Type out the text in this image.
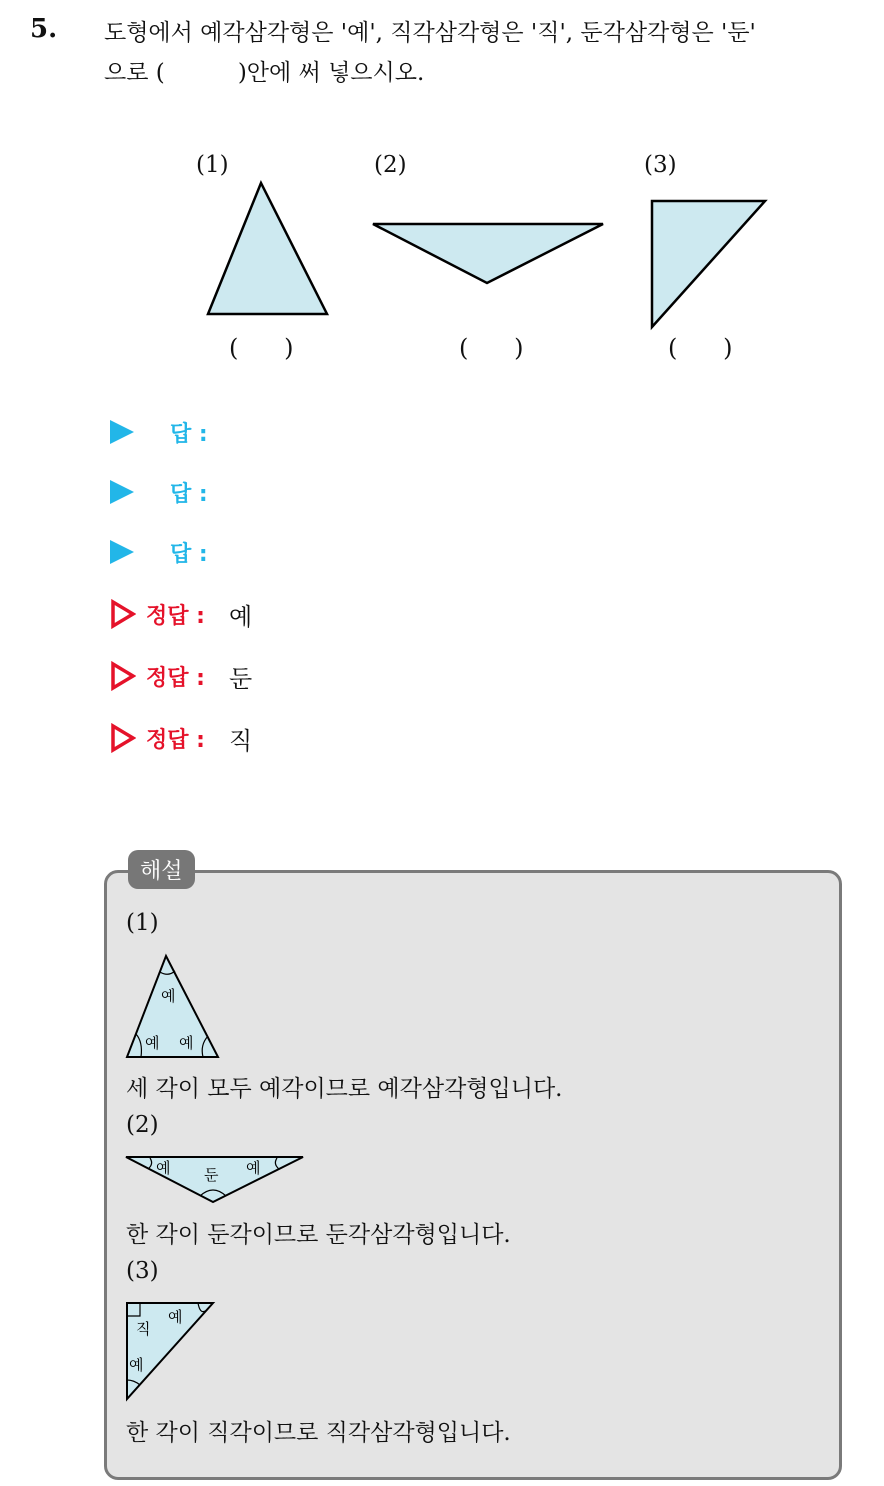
5. 도형에서 예각삼각형은 '예', 직각삼각형은 '직', 둔각삼각형은 '둔'
으로 (          )안에 써 넣으시오.
(1)	(2)	(3)
(      )	(      )	(      )
답 :
답 :
답 :
정답 : 예
정답 : 둔
정답 : 직
해설
(1)
예
예 예
세 각이 모두 예각이므로 예각삼각형입니다.
(2)
예 둔 예
한 각이 둔각이므로 둔각삼각형입니다.
(3)
직
예
예
한 각이 직각이므로 직각삼각형입니다.
